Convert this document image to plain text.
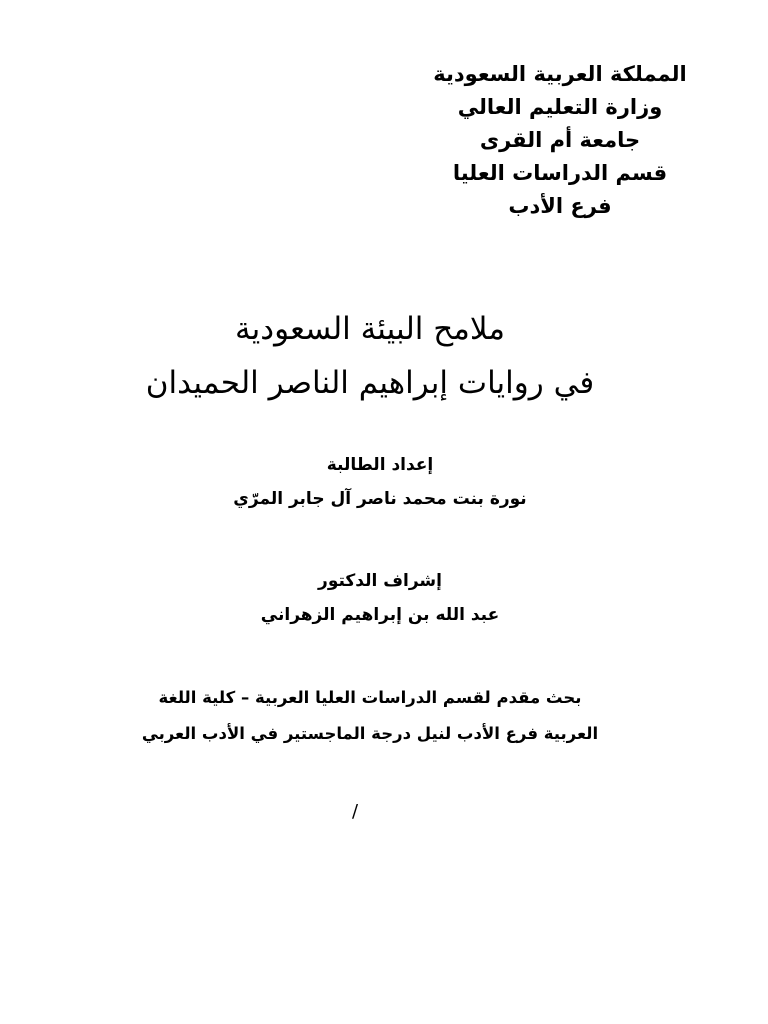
المملكة العربية السعودية
وزارة التعليم العالي
جامعة أم القرى
قسم الدراسات العليا
فرع الأدب
ملامح البيئة السعودية
في روايات إبراهيم الناصر الحميدان
إعداد الطالبة
نورة بنت محمد ناصر آل جابر المرّي
إشراف الدكتور
عبد الله بن إبراهيم الزهراني
بحث مقدم لقسم الدراسات العليا العربية – كلية اللغة
العربية فرع الأدب لنيل درجة الماجستير في الأدب العربي
/
